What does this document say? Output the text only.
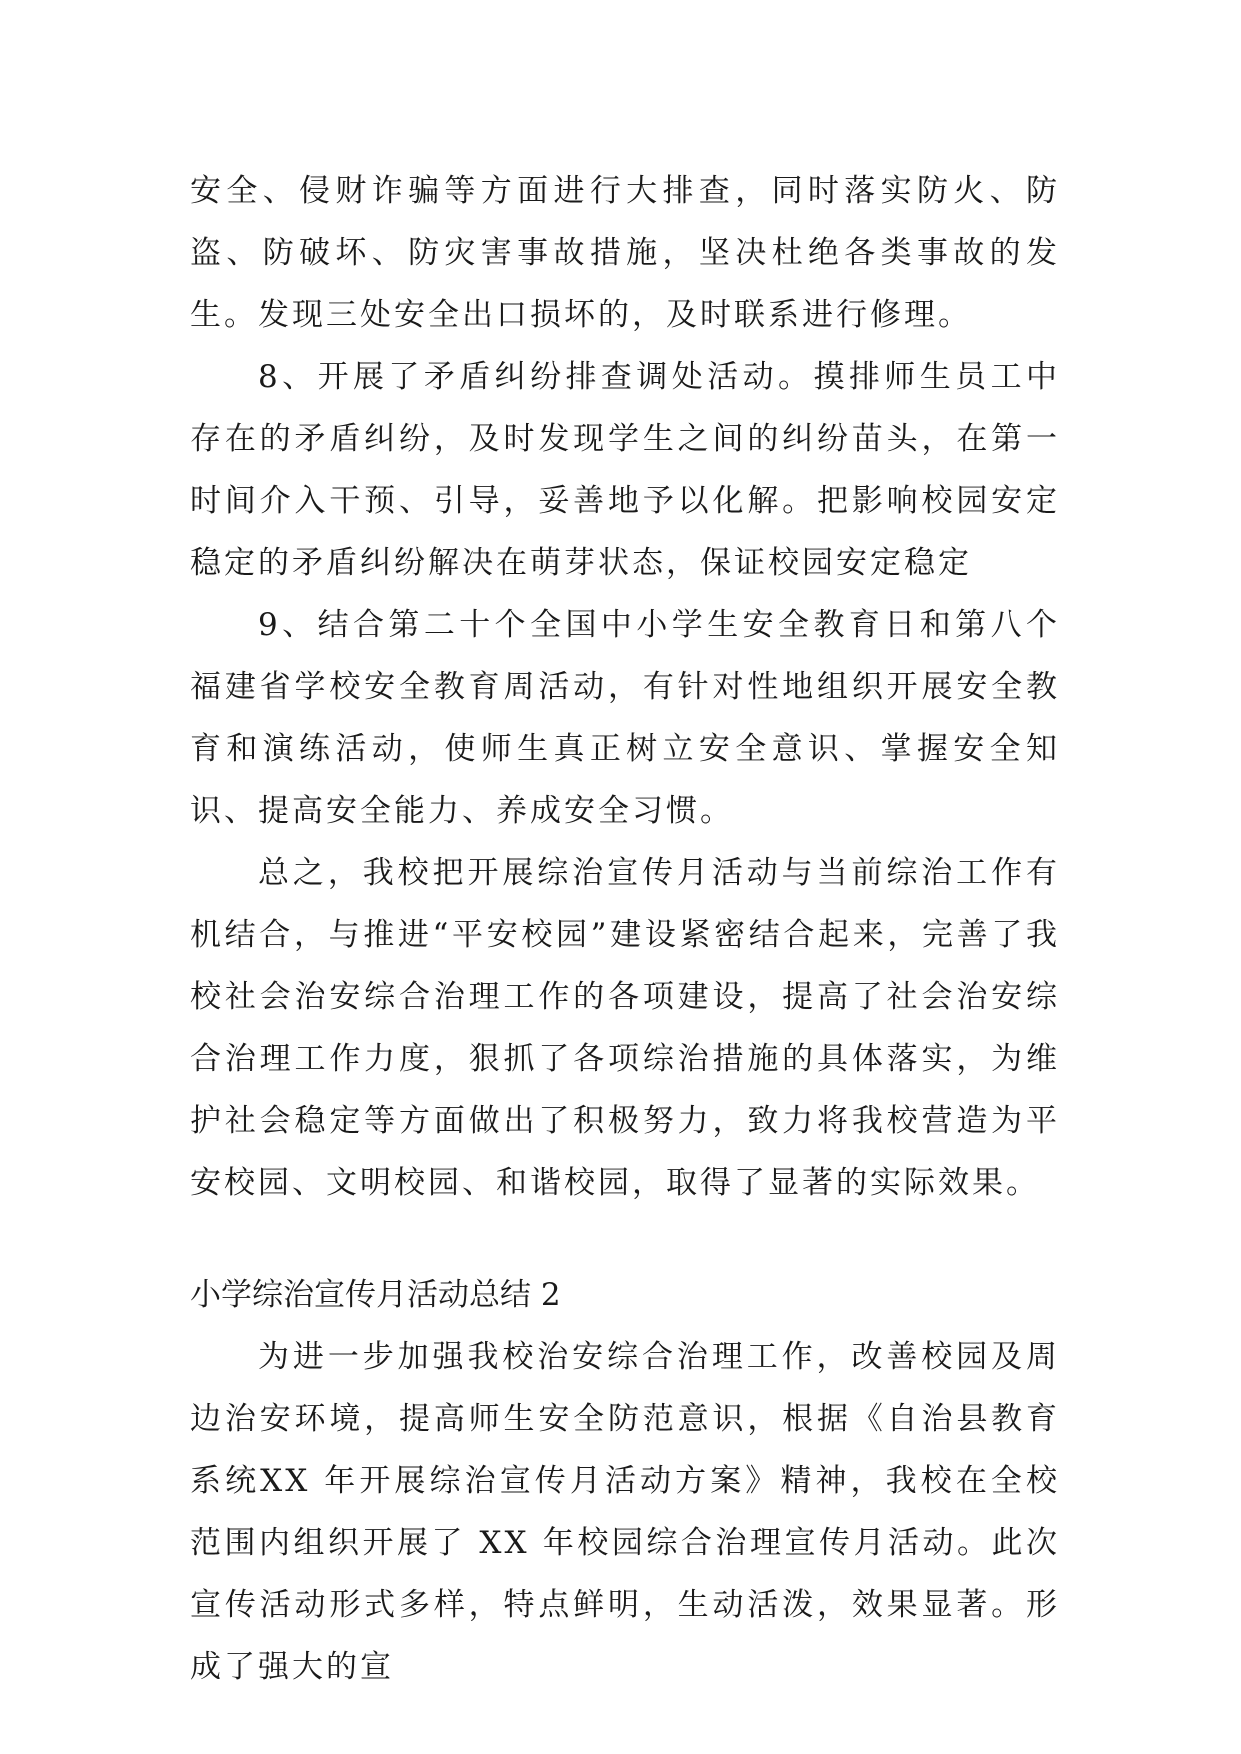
安全、侵财诈骗等方面进行大排查，同时落实防火、防盗、防破坏、防灾害事故措施，坚决杜绝各类事故的发生。发现三处安全出口损坏的，及时联系进行修理。

8、开展了矛盾纠纷排查调处活动。摸排师生员工中存在的矛盾纠纷，及时发现学生之间的纠纷苗头，在第一时间介入干预、引导，妥善地予以化解。把影响校园安定稳定的矛盾纠纷解决在萌芽状态，保证校园安定稳定

9、结合第二十个全国中小学生安全教育日和第八个福建省学校安全教育周活动，有针对性地组织开展安全教育和演练活动，使师生真正树立安全意识、掌握安全知识、提高安全能力、养成安全习惯。

总之，我校把开展综治宣传月活动与当前综治工作有机结合，与推进“平安校园”建设紧密结合起来，完善了我校社会治安综合治理工作的各项建设，提高了社会治安综合治理工作力度，狠抓了各项综治措施的具体落实，为维护社会稳定等方面做出了积极努力，致力将我校营造为平安校园、文明校园、和谐校园，取得了显著的实际效果。

小学综治宣传月活动总结 2

为进一步加强我校治安综合治理工作，改善校园及周边治安环境，提高师生安全防范意识，根据《自治县教育系统XX 年开展综治宣传月活动方案》精神，我校在全校范围内组织开展了 XX 年校园综合治理宣传月活动。此次宣传活动形式多样，特点鲜明，生动活泼，效果显著。形成了强大的宣
